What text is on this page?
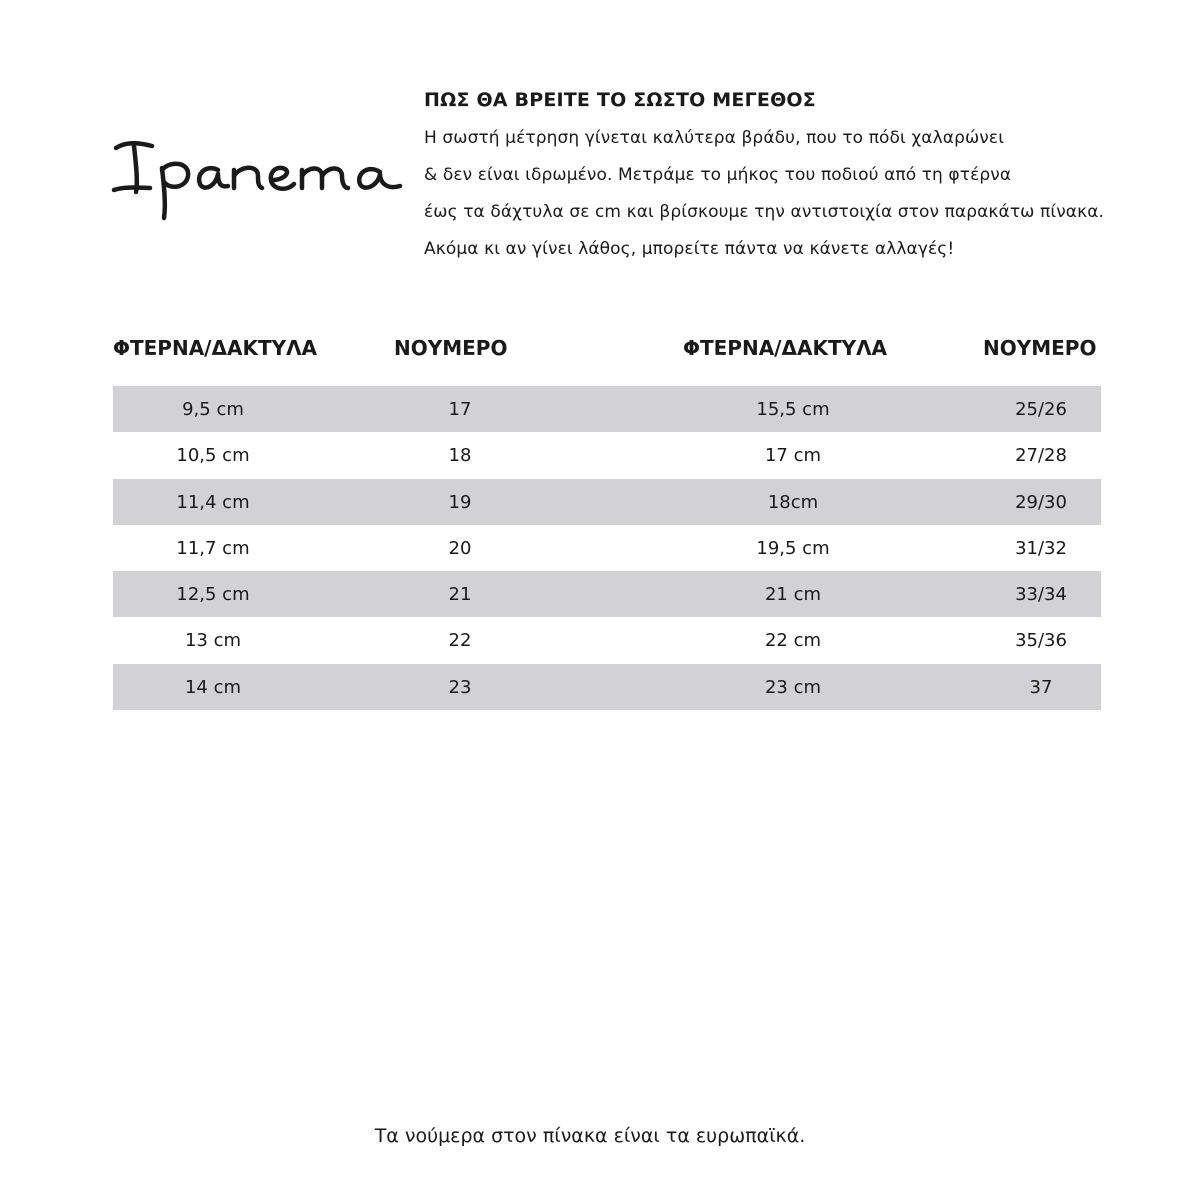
ΠΩΣ ΘΑ ΒΡΕΙΤΕ ΤΟ ΣΩΣΤΟ ΜΕΓΕΘΟΣ

Η σωστή μέτρηση γίνεται καλύτερα βράδυ, που το πόδι χαλαρώνει

& δεν είναι ιδρωμένο. Μετράμε το μήκος του ποδιού από τη φτέρνα

έως τα δάχτυλα σε cm και βρίσκουμε την αντιστοιχία στον παρακάτω πίνακα.

Ακόμα κι αν γίνει λάθος, μπορείτε πάντα να κάνετε αλλαγές!

ΦΤΕΡΝΑ/ΔΑΚΤΥΛΑ	ΝΟΥΜΕΡΟ	ΦΤΕΡΝΑ/ΔΑΚΤΥΛΑ	ΝΟΥΜΕΡΟ
9,5 cm	17	15,5 cm	25/26
10,5 cm	18	17 cm	27/28
11,4 cm	19	18cm	29/30
11,7 cm	20	19,5 cm	31/32
12,5 cm	21	21 cm	33/34
13 cm	22	22 cm	35/36
14 cm	23	23 cm	37
Τα νούμερα στον πίνακα είναι τα ευρωπαϊκά.
